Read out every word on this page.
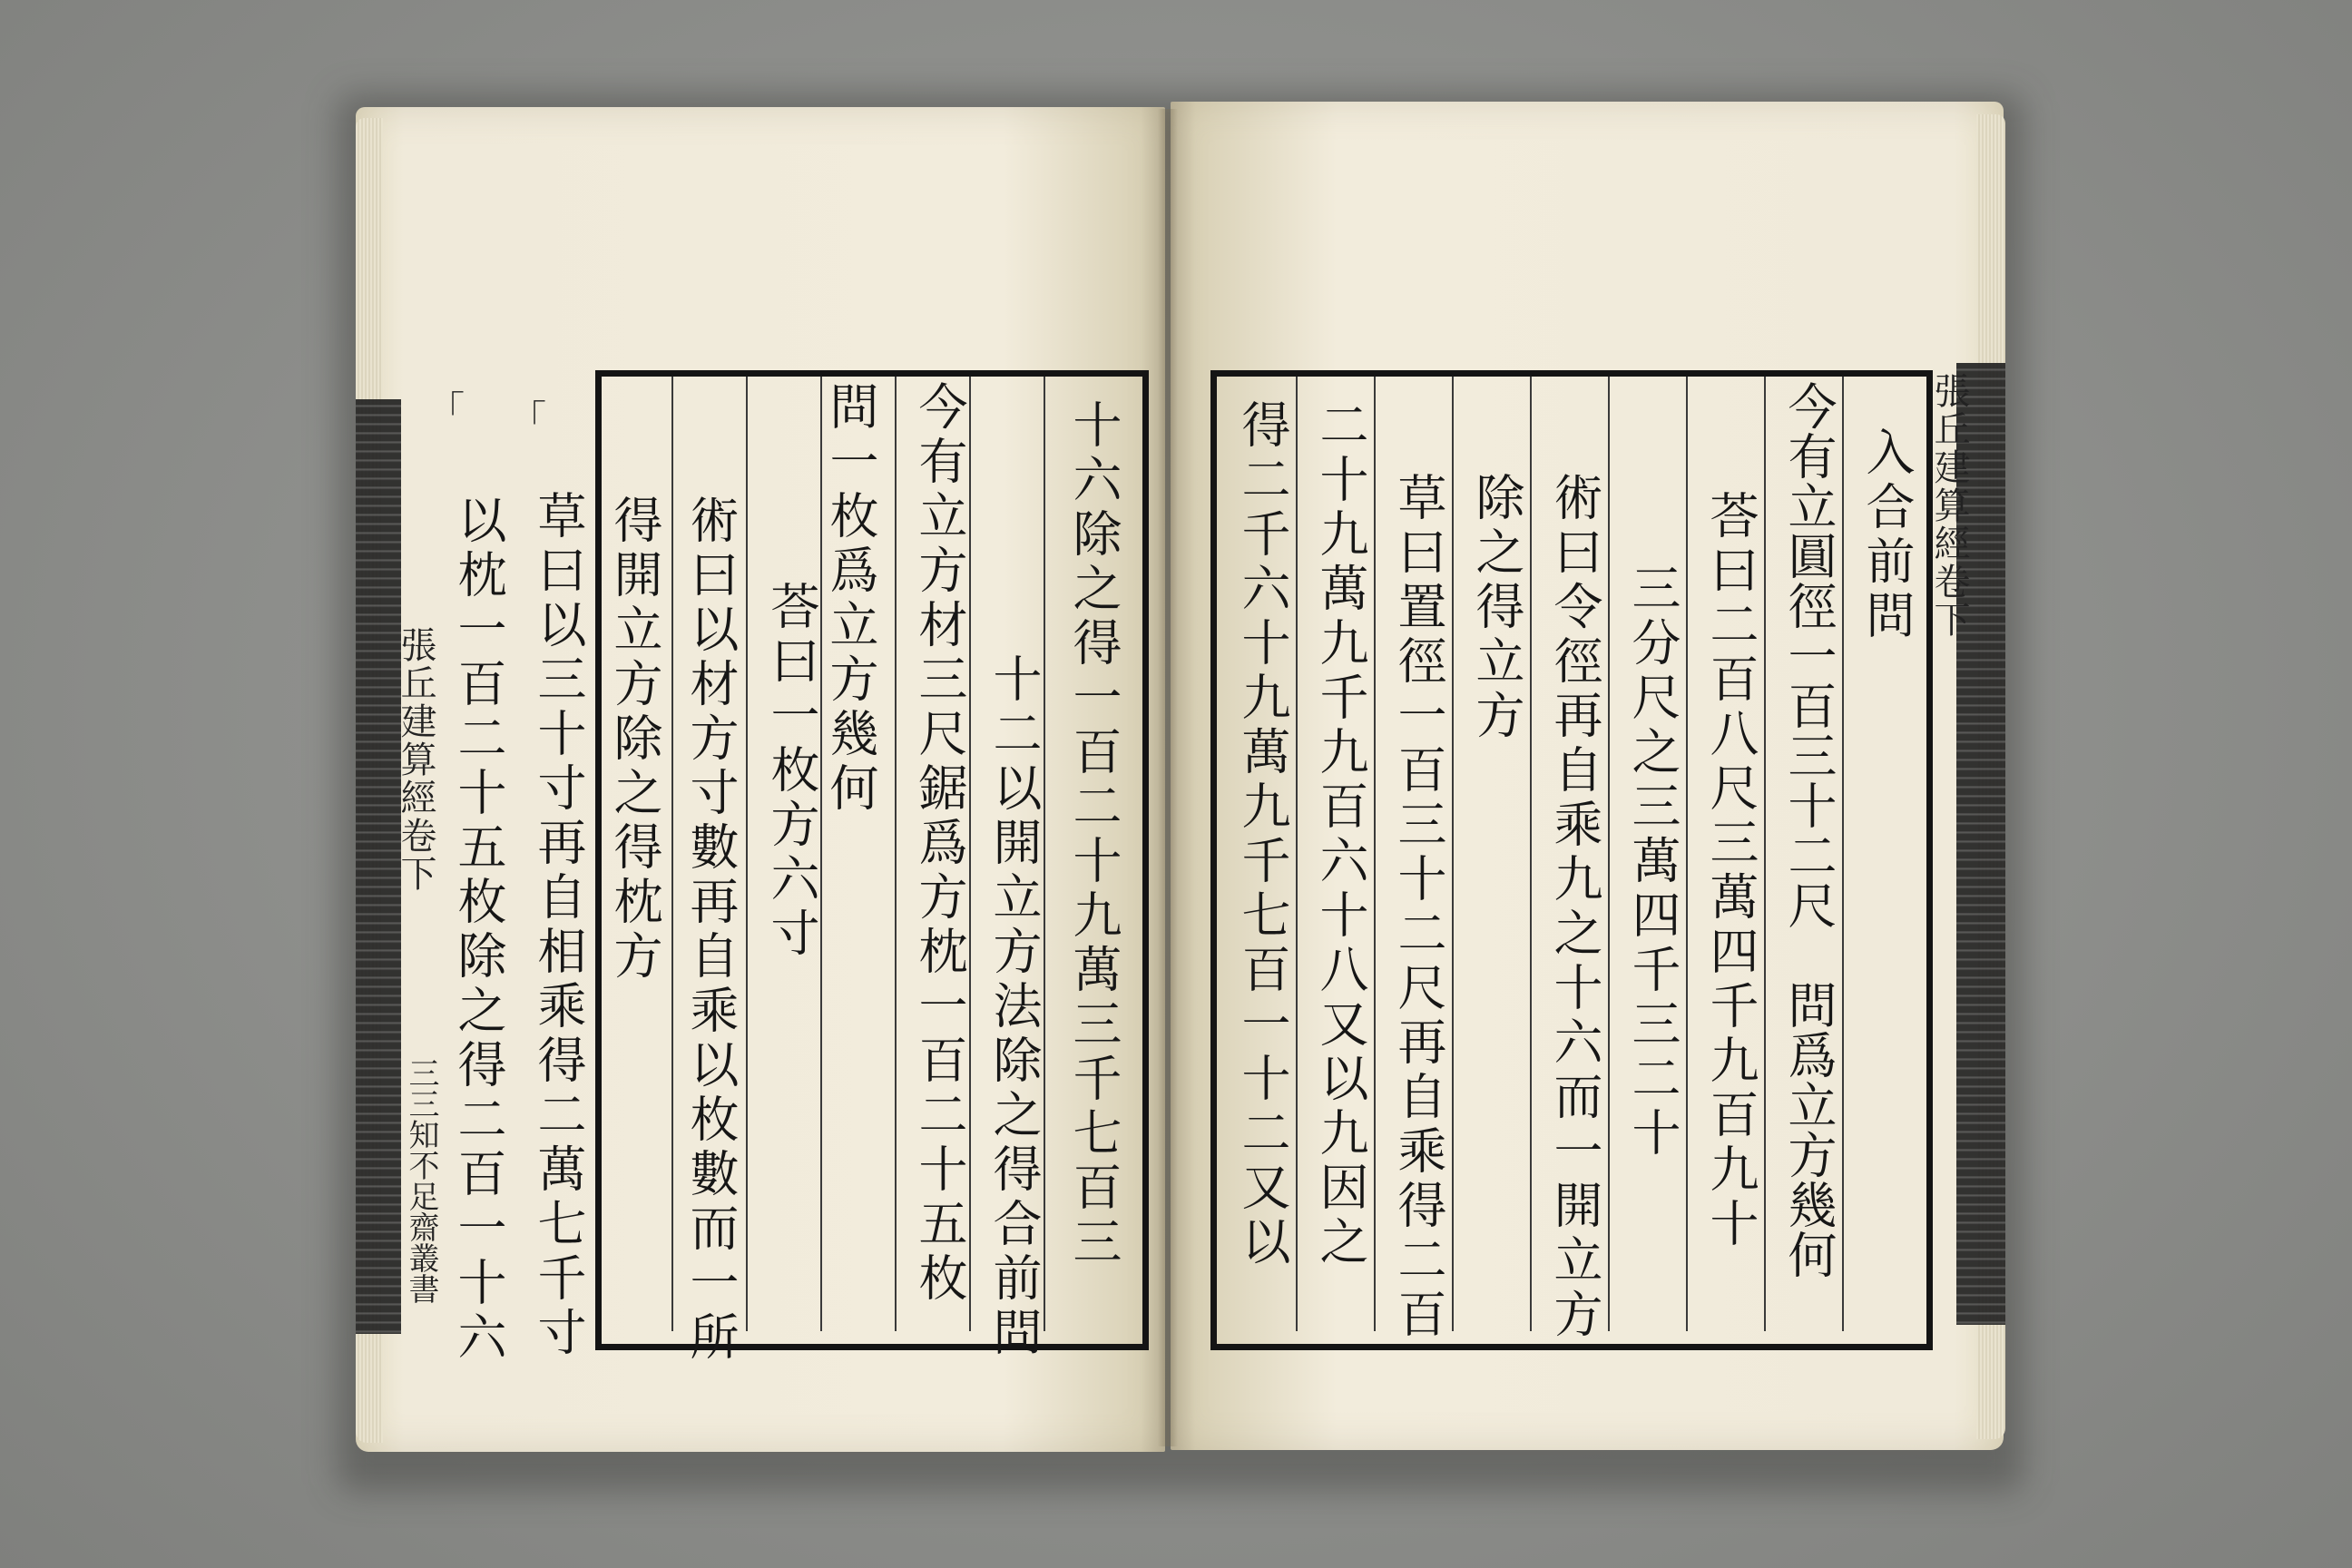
十六除之得一百二十九萬三千七百三
十二以開立方法除之得合前問
今有立方材三尺鋸爲方枕一百二十五枚
問一枚爲立方幾何
荅曰一枚方六寸
術曰以材方寸數再自乘以枚數而一所
得開立方除之得枕方
草曰以三十寸再自相乘得二萬七千寸
以枕一百二十五枚除之得二百一十六
「
「
張丘建算經卷下
三三知不足齋叢書
入合前問
今有立圓徑一百三十二尺　問爲立方幾何
荅曰二百八尺三萬四千九百九十
三分尺之三萬四千三二十
術曰令徑再自乘九之十六而一開立方
除之得立方
草曰置徑一百三十二尺再自乘得二百
二十九萬九千九百六十八又以九因之
得二千六十九萬九千七百一十二又以	張丘建算經卷下
